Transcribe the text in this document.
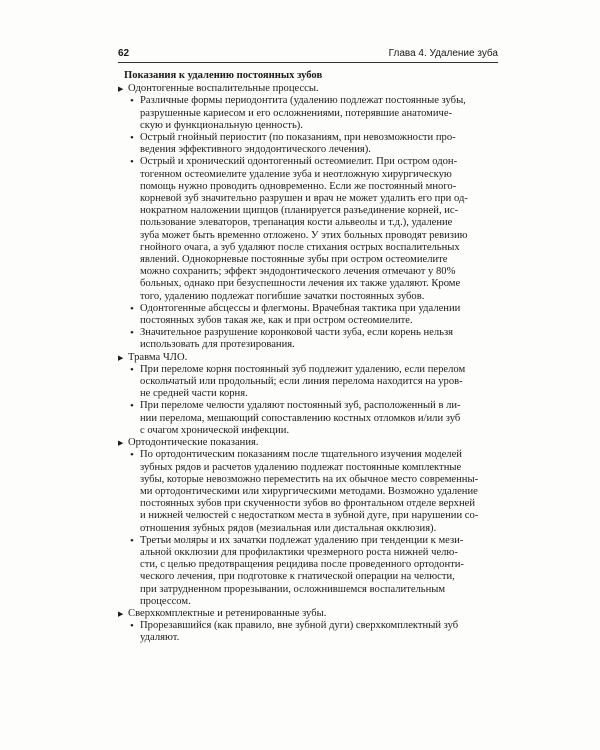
62	Глава 4. Удаление зуба
Показания к удалению постоянных зубов
▶ Одонтогенные воспалительные процессы.
• Различные формы периодонтита (удалению подлежат постоянные зубы,
разрушенные кариесом и его осложнениями, потерявшие анатомиче-
скую и функциональную ценность).
• Острый гнойный периостит (по показаниям, при невозможности про-
ведения эффективного эндодонтического лечения).
• Острый и хронический одонтогенный остеомиелит. При остром одон-
тогенном остеомиелите удаление зуба и неотложную хирургическую
помощь нужно проводить одновременно. Если же постоянный много-
корневой зуб значительно разрушен и врач не может удалить его при од-
нократном наложении щипцов (планируется разъединение корней, ис-
пользование элеваторов, трепанация кости альвеолы и т.д.), удаление
зуба может быть временно отложено. У этих больных проводят ревизию
гнойного очага, а зуб удаляют после стихания острых воспалительных
явлений. Однокорневые постоянные зубы при остром остеомиелите
можно сохранить; эффект эндодонтического лечения отмечают у 80%
больных, однако при безуспешности лечения их также удаляют. Кроме
того, удалению подлежат погибшие зачатки постоянных зубов.
• Одонтогенные абсцессы и флегмоны. Врачебная тактика при удалении
постоянных зубов такая же, как и при остром остеомиелите.
• Значительное разрушение коронковой части зуба, если корень нельзя
использовать для протезирования.
▶ Травма ЧЛО.
• При переломе корня постоянный зуб подлежит удалению, если перелом
оскольчатый или продольный; если линия перелома находится на уров-
не средней части корня.
• При переломе челюсти удаляют постоянный зуб, расположенный в ли-
нии перелома, мешающий сопоставлению костных отломков и/или зуб
с очагом хронической инфекции.
▶ Ортодонтические показания.
• По ортодонтическим показаниям после тщательного изучения моделей
зубных рядов и расчетов удалению подлежат постоянные комплектные
зубы, которые невозможно переместить на их обычное место современны-
ми ортодонтическими или хирургическими методами. Возможно удаление
постоянных зубов при скученности зубов во фронтальном отделе верхней
и нижней челюстей с недостатком места в зубной дуге, при нарушении со-
отношения зубных рядов (мезиальная или дистальная окклюзия).
• Третьи моляры и их зачатки подлежат удалению при тенденции к мези-
альной окклюзии для профилактики чрезмерного роста нижней челю-
сти, с целью предотвращения рецидива после проведенного ортодонти-
ческого лечения, при подготовке к гнатической операции на челюсти,
при затрудненном прорезывании, осложнившемся воспалительным
процессом.
▶ Сверхкомплектные и ретенированные зубы.
• Прорезавшийся (как правило, вне зубной дуги) сверхкомплектный зуб
удаляют.
